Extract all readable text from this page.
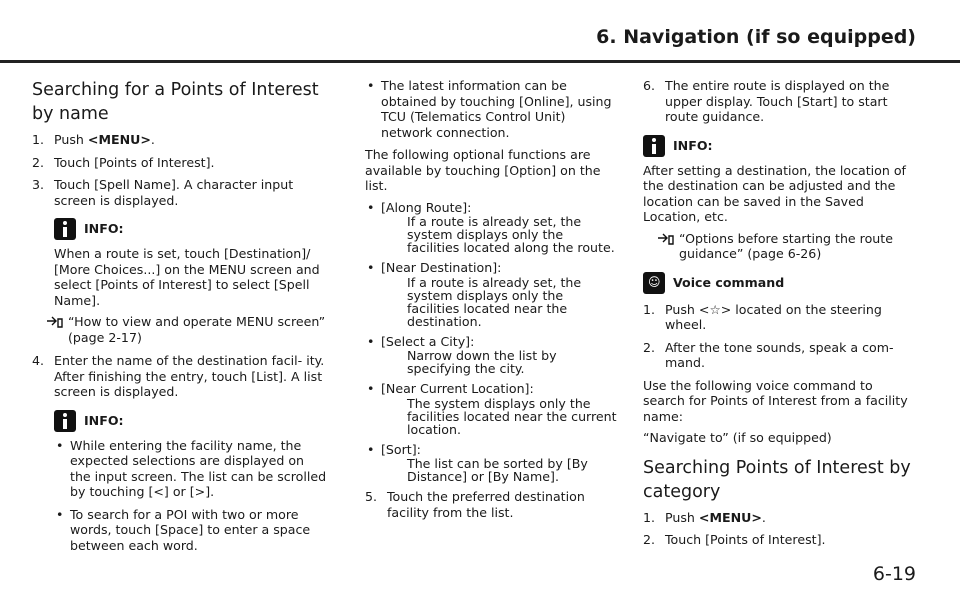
6. Navigation (if so equipped)
Searching for a Points of Interest by name
1. Push <MENU>.
2. Touch [Points of Interest].
3. Touch [Spell Name]. A character input screen is displayed.
INFO:

When a route is set, touch [Destination]/ [More Choices...] on the MENU screen and select [Points of Interest] to select [Spell Name].

“How to view and operate MENU screen” (page 2-17)
4. Enter the name of the destination facil- ity. After finishing the entry, touch [List]. A list screen is displayed.
INFO:
• While entering the facility name, the expected selections are displayed on the input screen. The list can be scrolled by touching [<] or [>].
• To search for a POI with two or more words, touch [Space] to enter a space between each word.
• The latest information can be obtained by touching [Online], using TCU (Telematics Control Unit) network connection.

The following optional functions are available by touching [Option] on the list.

• [Along Route]:
If a route is already set, the system displays only the facilities located along the route.
• [Near Destination]:
If a route is already set, the system displays only the facilities located near the destination.
• [Select a City]:
Narrow down the list by specifying the city.
• [Near Current Location]:
The system displays only the facilities located near the current location.
• [Sort]:
The list can be sorted by [By Distance] or [By Name].
5. Touch the preferred destination facility from the list.
6. The entire route is displayed on the upper display. Touch [Start] to start route guidance.
INFO:

After setting a destination, the location of the destination can be adjusted and the location can be saved in the Saved Location, etc.

“Options before starting the route guidance” (page 6-26)
☺ Voice command
1. Push <☆> located on the steering wheel.
2. After the tone sounds, speak a com- mand.

Use the following voice command to search for Points of Interest from a facility name:

“Navigate to” (if so equipped)

Searching Points of Interest by category
1. Push <MENU>.
2. Touch [Points of Interest].
6-19
